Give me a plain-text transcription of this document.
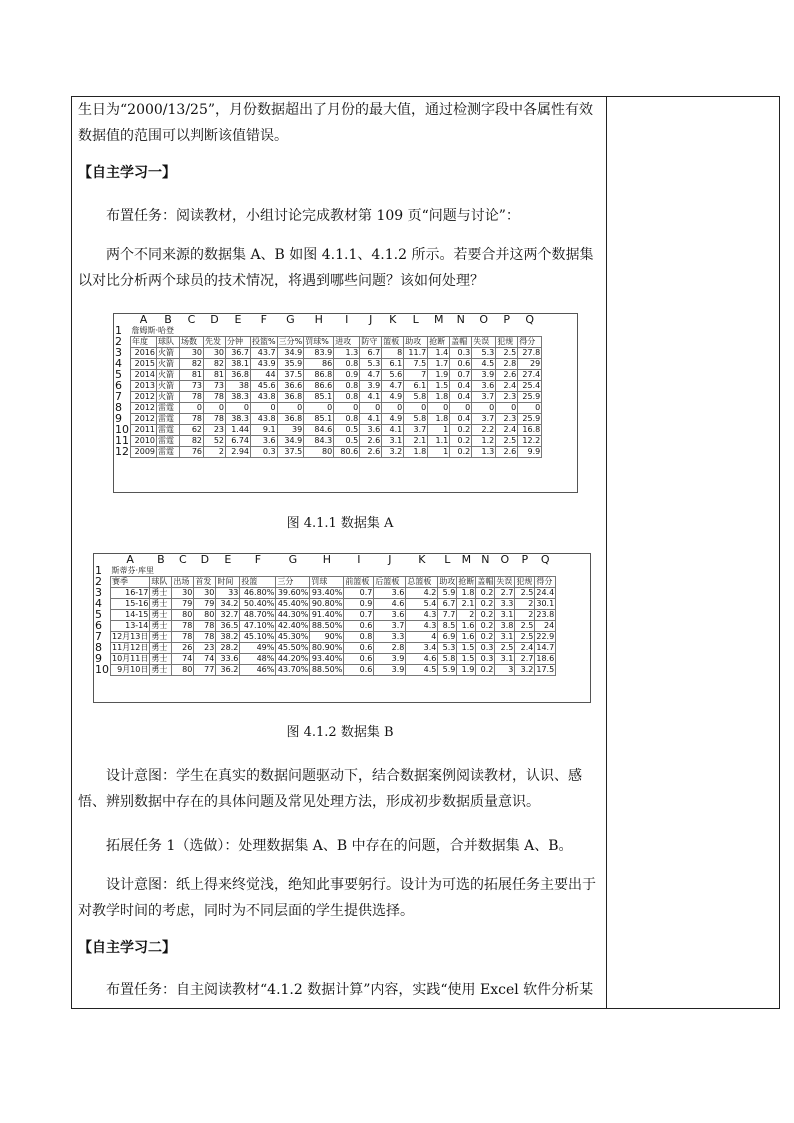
生日为“2000/13/25”，月份数据超出了月份的最大值，通过检测字段中各属性有效数据值的范围可以判断该值错误。

【自主学习一】

布置任务：阅读教材，小组讨论完成教材第 109 页“问题与讨论”：

两个不同来源的数据集 A、B 如图 4.1.1、4.1.2 所示。若要合并这两个数据集以对比分析两个球员的技术情况，将遇到哪些问题？该如何处理？

	A	B	C	D	E	F	G	H	I	J	K	L	M	N	O	P	Q
1	詹姆斯·哈登																
2	年度	球队	场数	先发	分钟	投篮%	三分%	罚球%	进攻	防守	篮板	助攻	抢断	盖帽	失误	犯规	得分
3	2016	火箭	30	30	36.7	43.7	34.9	83.9	1.3	6.7	8	11.7	1.4	0.3	5.3	2.5	27.8
4	2015	火箭	82	82	38.1	43.9	35.9	86	0.8	5.3	6.1	7.5	1.7	0.6	4.5	2.8	29
5	2014	火箭	81	81	36.8	44	37.5	86.8	0.9	4.7	5.6	7	1.9	0.7	3.9	2.6	27.4
6	2013	火箭	73	73	38	45.6	36.6	86.6	0.8	3.9	4.7	6.1	1.5	0.4	3.6	2.4	25.4
7	2012	火箭	78	78	38.3	43.8	36.8	85.1	0.8	4.1	4.9	5.8	1.8	0.4	3.7	2.3	25.9
8	2012	雷霆	0	0	0	0	0	0	0	0	0	0	0	0	0	0	0
9	2012	雷霆	78	78	38.3	43.8	36.8	85.1	0.8	4.1	4.9	5.8	1.8	0.4	3.7	2.3	25.9
10	2011	雷霆	62	23	1.44	9.1	39	84.6	0.5	3.6	4.1	3.7	1	0.2	2.2	2.4	16.8
11	2010	雷霆	82	52	6.74	3.6	34.9	84.3	0.5	2.6	3.1	2.1	1.1	0.2	1.2	2.5	12.2
12	2009	雷霆	76	2	2.94	0.3	37.5	80	80.6	2.6	3.2	1.8	1	0.2	1.3	2.6	9.9

图 4.1.1 数据集 A

	A	B	C	D	E	F	G	H	I	J	K	L	M	N	O	P	Q
1	斯蒂芬·库里																
2	赛季	球队	出场	首发	时间	投篮	三分	罚球	前篮板	后篮板	总篮板	助攻	抢断	盖帽	失误	犯规	得分
3	16-17	勇士	30	30	33	46.80%	39.60%	93.40%	0.7	3.6	4.2	5.9	1.8	0.2	2.7	2.5	24.4
4	15-16	勇士	79	79	34.2	50.40%	45.40%	90.80%	0.9	4.6	5.4	6.7	2.1	0.2	3.3	2	30.1
5	14-15	勇士	80	80	32.7	48.70%	44.30%	91.40%	0.7	3.6	4.3	7.7	2	0.2	3.1	2	23.8
6	13-14	勇士	78	78	36.5	47.10%	42.40%	88.50%	0.6	3.7	4.3	8.5	1.6	0.2	3.8	2.5	24
7	12月13日	勇士	78	78	38.2	45.10%	45.30%	90%	0.8	3.3	4	6.9	1.6	0.2	3.1	2.5	22.9
8	11月12日	勇士	26	23	28.2	49%	45.50%	80.90%	0.6	2.8	3.4	5.3	1.5	0.3	2.5	2.4	14.7
9	10月11日	勇士	74	74	33.6	48%	44.20%	93.40%	0.6	3.9	4.6	5.8	1.5	0.3	3.1	2.7	18.6
10	9月10日	勇士	80	77	36.2	46%	43.70%	88.50%	0.6	3.9	4.5	5.9	1.9	0.2	3	3.2	17.5

图 4.1.2 数据集 B

设计意图：学生在真实的数据问题驱动下，结合数据案例阅读教材，认识、感悟、辨别数据中存在的具体问题及常见处理方法，形成初步数据质量意识。

拓展任务 1（选做）：处理数据集 A、B 中存在的问题，合并数据集 A、B。

设计意图：纸上得来终觉浅，绝知此事要躬行。设计为可选的拓展任务主要出于对教学时间的考虑，同时为不同层面的学生提供选择。

【自主学习二】

布置任务：自主阅读教材“4.1.2 数据计算”内容，实践“使用 Excel 软件分析某
